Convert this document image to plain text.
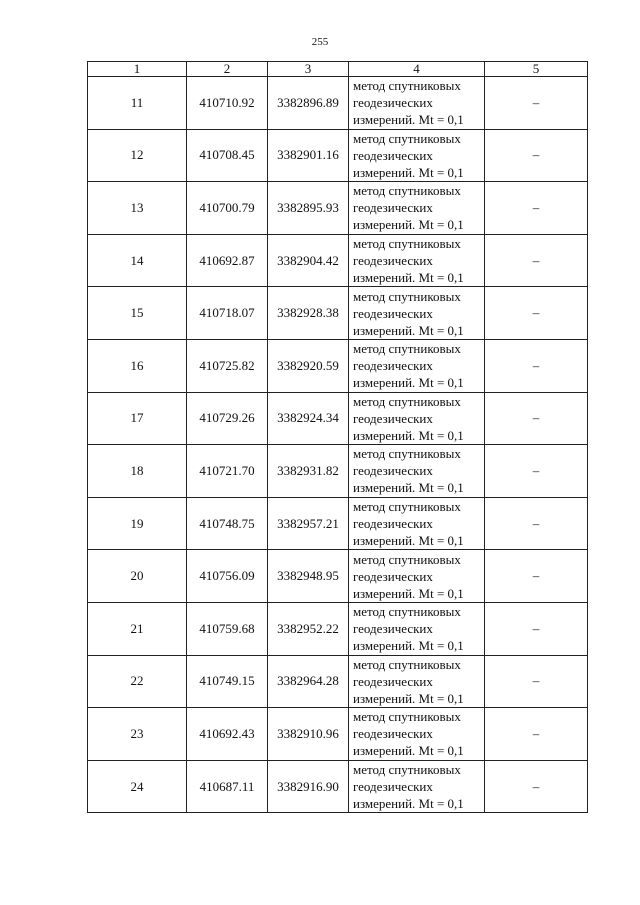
255
1	2	3	4	5
11	410710.92	3382896.89	метод спутниковых геодезических измерений. Mt = 0,1	–
12	410708.45	3382901.16	метод спутниковых геодезических измерений. Mt = 0,1	–
13	410700.79	3382895.93	метод спутниковых геодезических измерений. Mt = 0,1	–
14	410692.87	3382904.42	метод спутниковых геодезических измерений. Mt = 0,1	–
15	410718.07	3382928.38	метод спутниковых геодезических измерений. Mt = 0,1	–
16	410725.82	3382920.59	метод спутниковых геодезических измерений. Mt = 0,1	–
17	410729.26	3382924.34	метод спутниковых геодезических измерений. Mt = 0,1	–
18	410721.70	3382931.82	метод спутниковых геодезических измерений. Mt = 0,1	–
19	410748.75	3382957.21	метод спутниковых геодезических измерений. Mt = 0,1	–
20	410756.09	3382948.95	метод спутниковых геодезических измерений. Mt = 0,1	–
21	410759.68	3382952.22	метод спутниковых геодезических измерений. Mt = 0,1	–
22	410749.15	3382964.28	метод спутниковых геодезических измерений. Mt = 0,1	–
23	410692.43	3382910.96	метод спутниковых геодезических измерений. Mt = 0,1	–
24	410687.11	3382916.90	метод спутниковых геодезических измерений. Mt = 0,1	–
